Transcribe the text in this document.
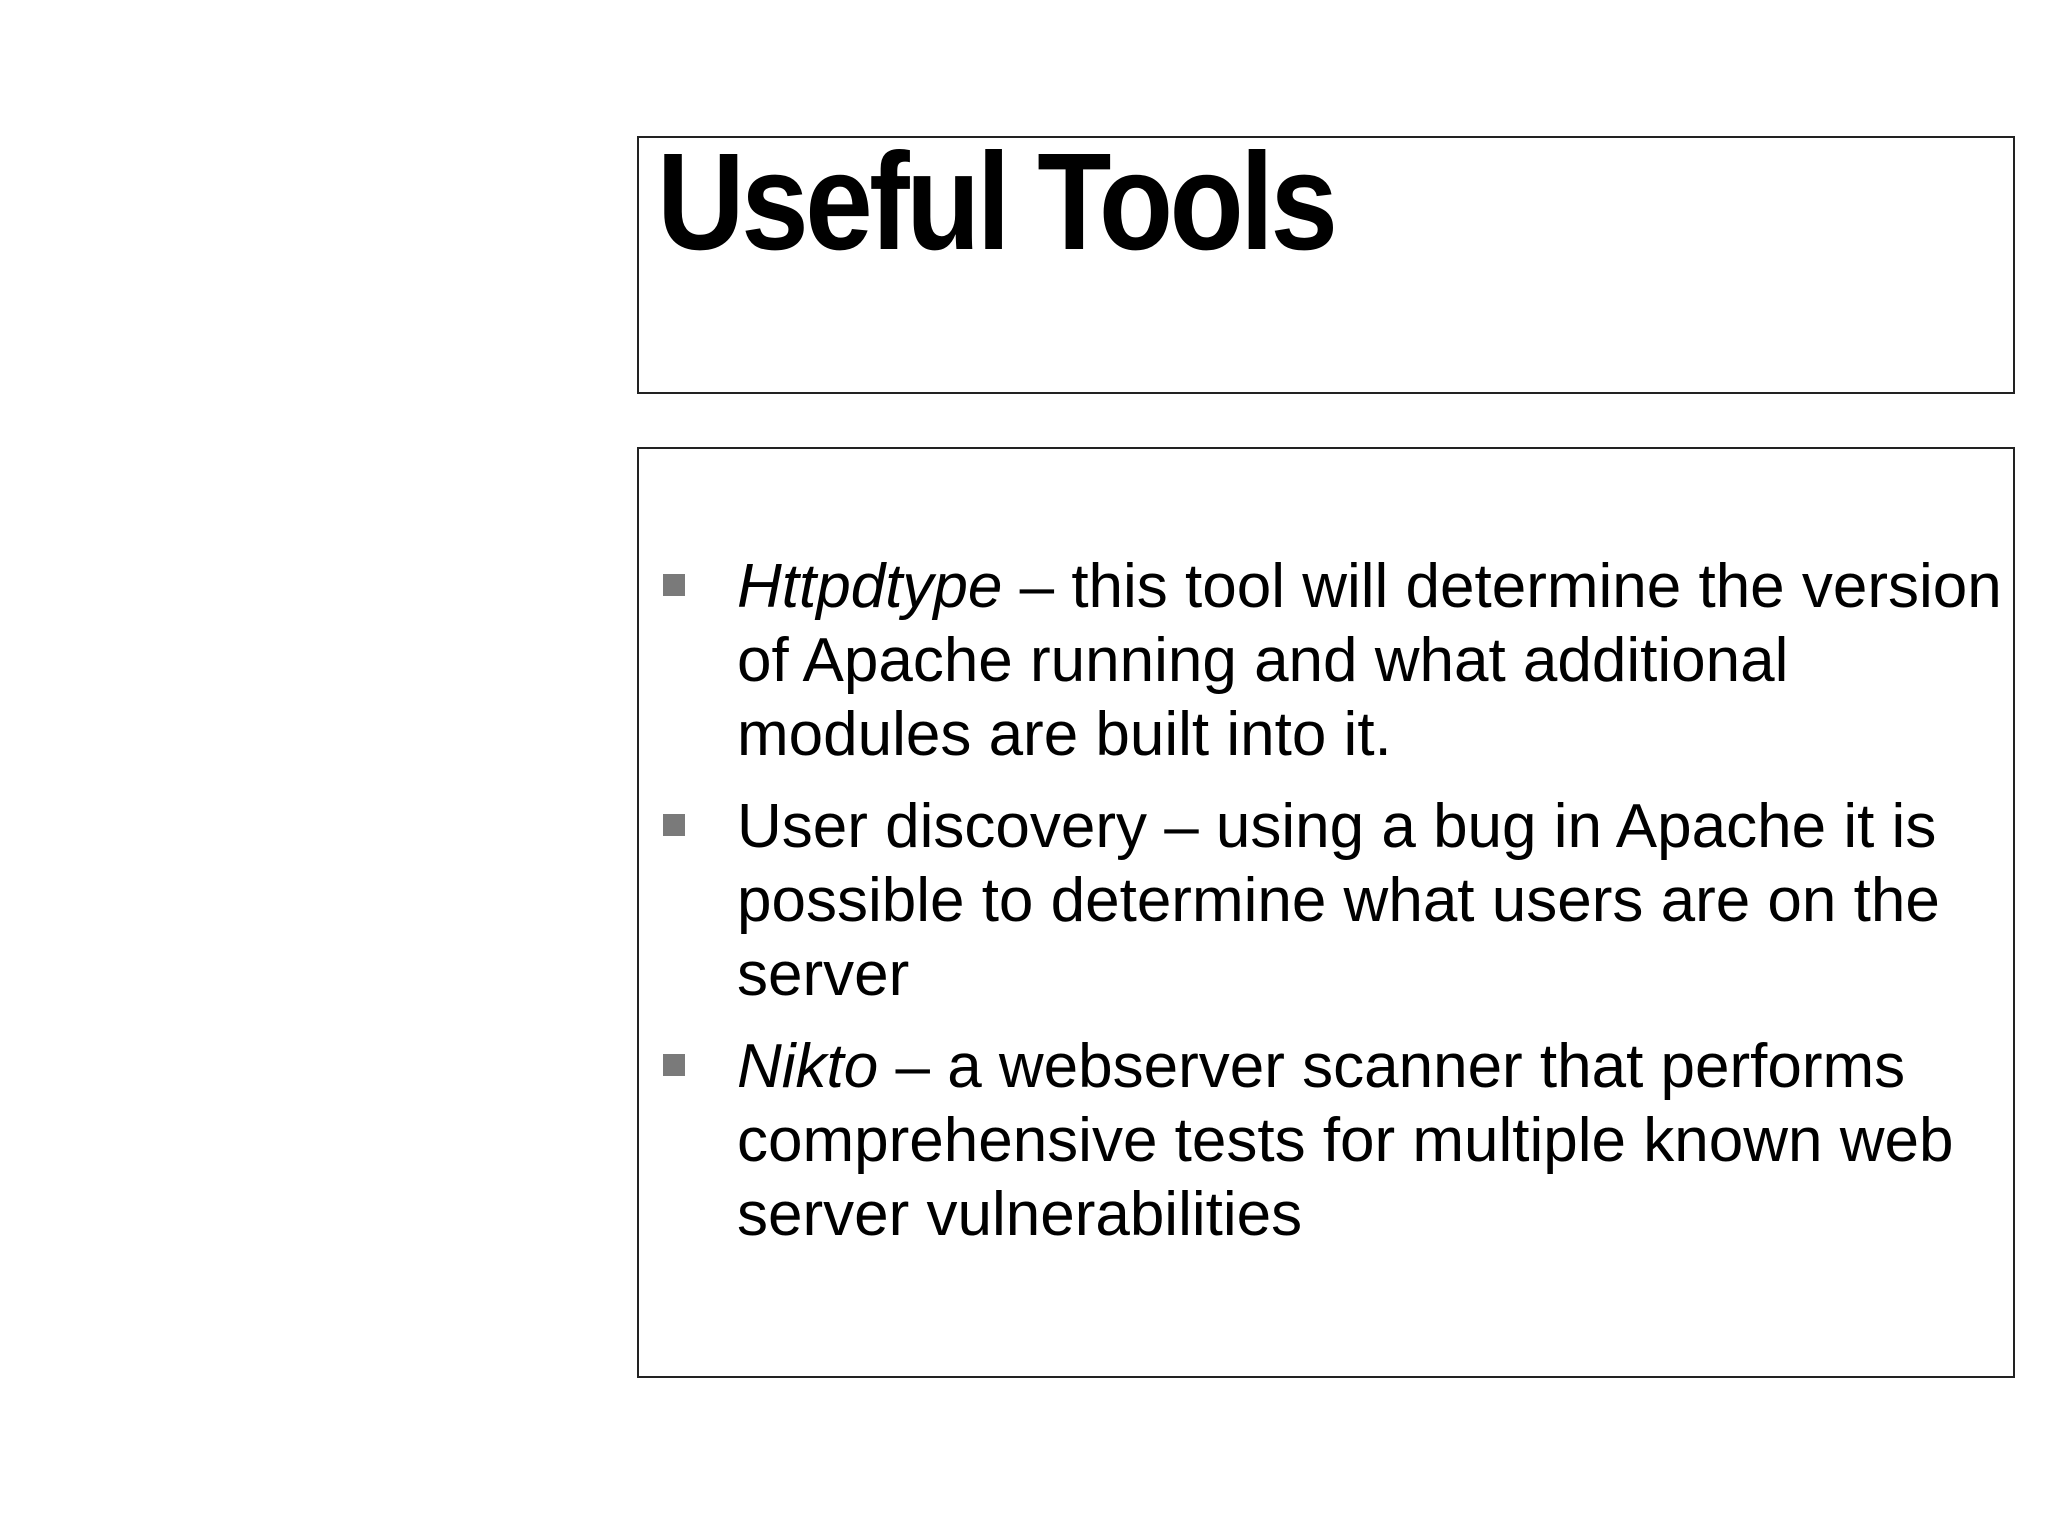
Useful Tools
Httpdtype – this tool will determine the version of Apache running and what additional modules are built into it.
User discovery – using a bug in Apache it is possible to determine what users are on the server
Nikto – a webserver scanner that performs comprehensive tests for multiple known web server vulnerabilities
